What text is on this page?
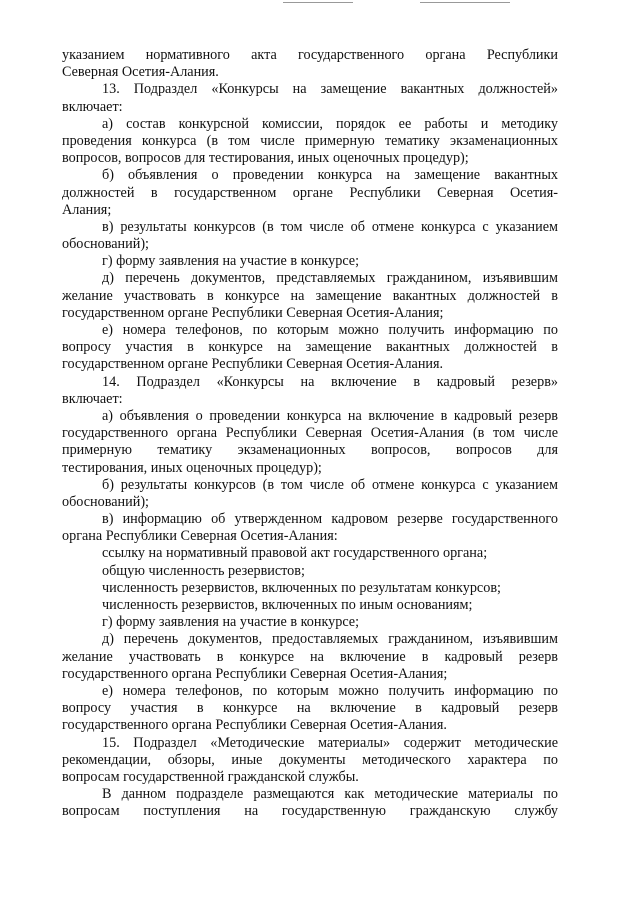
указанием нормативного акта государственного органа Республики
Северная Осетия-Алания.
13. Подраздел «Конкурсы на замещение вакантных должностей»
включает:
а) состав конкурсной комиссии, порядок ее работы и методику
проведения конкурса (в том числе примерную тематику экзаменационных
вопросов, вопросов для тестирования, иных оценочных процедур);
б) объявления о проведении конкурса на замещение вакантных
должностей в государственном органе Республики Северная Осетия-
Алания;
в) результаты конкурсов (в том числе об отмене конкурса с указанием
обоснований);
г) форму заявления на участие в конкурсе;
д) перечень документов, представляемых гражданином, изъявившим
желание участвовать в конкурсе на замещение вакантных должностей в
государственном органе Республики Северная Осетия-Алания;
е) номера телефонов, по которым можно получить информацию по
вопросу участия в конкурсе на замещение вакантных должностей в
государственном органе Республики Северная Осетия-Алания.
14. Подраздел «Конкурсы на включение в кадровый резерв»
включает:
а) объявления о проведении конкурса на включение в кадровый резерв
государственного органа Республики Северная Осетия-Алания (в том числе
примерную тематику экзаменационных вопросов, вопросов для
тестирования, иных оценочных процедур);
б) результаты конкурсов (в том числе об отмене конкурса с указанием
обоснований);
в) информацию об утвержденном кадровом резерве государственного
органа Республики Северная Осетия-Алания:
ссылку на нормативный правовой акт государственного органа;
общую численность резервистов;
численность резервистов, включенных по результатам конкурсов;
численность резервистов, включенных по иным основаниям;
г) форму заявления на участие в конкурсе;
д) перечень документов, предоставляемых гражданином, изъявившим
желание участвовать в конкурсе на включение в кадровый резерв
государственного органа Республики Северная Осетия-Алания;
е) номера телефонов, по которым можно получить информацию по
вопросу участия в конкурсе на включение в кадровый резерв
государственного органа Республики Северная Осетия-Алания.
15. Подраздел «Методические материалы» содержит методические
рекомендации, обзоры, иные документы методического характера по
вопросам государственной гражданской службы.
В данном подразделе размещаются как методические материалы по
вопросам поступления на государственную гражданскую службу
